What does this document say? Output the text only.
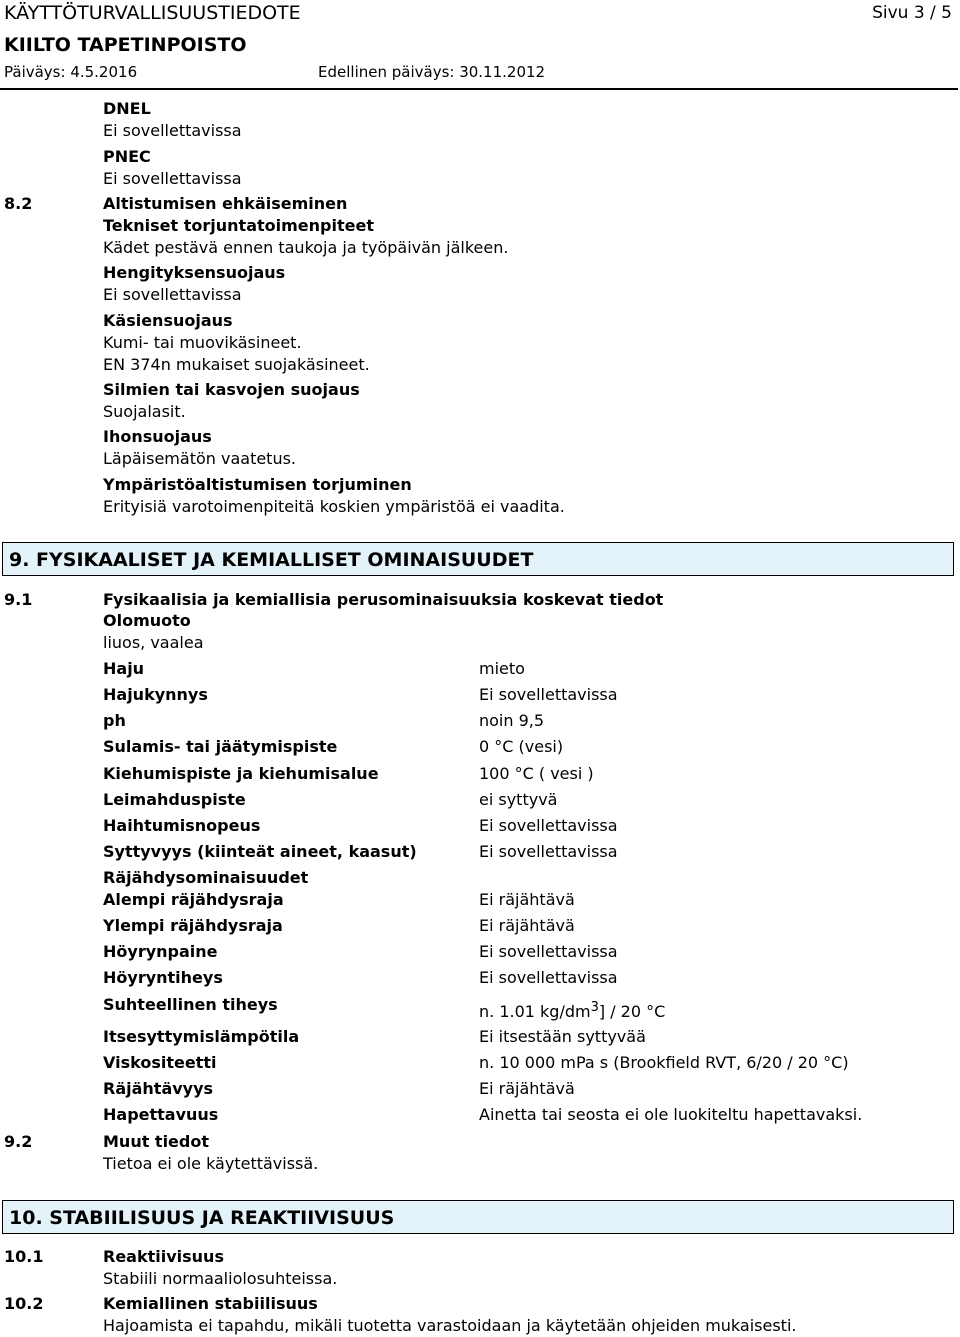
KÄYTTÖTURVALLISUUSTIEDOTE
KIILTO TAPETINPOISTO
Päiväys: 4.5.2016	Edellinen päiväys: 30.11.2012
Sivu 3 / 5
DNEL
Ei sovellettavissa
PNEC
Ei sovellettavissa
8.2	Altistumisen ehkäiseminen
Tekniset torjuntatoimenpiteet
Kädet pestävä ennen taukoja ja työpäivän jälkeen.
Hengityksensuojaus
Ei sovellettavissa
Käsiensuojaus
Kumi- tai muovikäsineet.
EN 374n mukaiset suojakäsineet.
Silmien tai kasvojen suojaus
Suojalasit.
Ihonsuojaus
Läpäisemätön vaatetus.
Ympäristöaltistumisen torjuminen
Erityisiä varotoimenpiteitä koskien ympäristöä ei vaadita.
9. FYSIKAALISET JA KEMIALLISET OMINAISUUDET
9.1	Fysikaalisia ja kemiallisia perusominaisuuksia koskevat tiedot
Olomuoto
liuos, vaalea
Haju	mieto
Hajukynnys	Ei sovellettavissa
ph	noin 9,5
Sulamis- tai jäätymispiste	0 °C (vesi)
Kiehumispiste ja kiehumisalue	100 °C ( vesi )
Leimahduspiste	ei syttyvä
Haihtumisnopeus	Ei sovellettavissa
Syttyvyys (kiinteät aineet, kaasut)	Ei sovellettavissa
Räjähdysominaisuudet
Alempi räjähdysraja	Ei räjähtävä
Ylempi räjähdysraja	Ei räjähtävä
Höyrynpaine	Ei sovellettavissa
Höyryntiheys	Ei sovellettavissa
Suhteellinen tiheys	n. 1.01 $kg/dm^3] / 20$ °C
Itsesyttymislämpötila	Ei itsestään syttyvää
Viskositeetti	n. 10 000 mPa s (Brookfield RVT, 6/20 / 20 °C)
Räjähtävyys	Ei räjähtävä
Hapettavuus	Ainetta tai seosta ei ole luokiteltu hapettavaksi.
9.2	Muut tiedot
Tietoa ei ole käytettävissä.
10. STABIILISUUS JA REAKTIIVISUUS
10.1	Reaktiivisuus
Stabiili normaaliolosuhteissa.
10.2	Kemiallinen stabiilisuus
Hajoamista ei tapahdu, mikäli tuotetta varastoidaan ja käytetään ohjeiden mukaisesti.
